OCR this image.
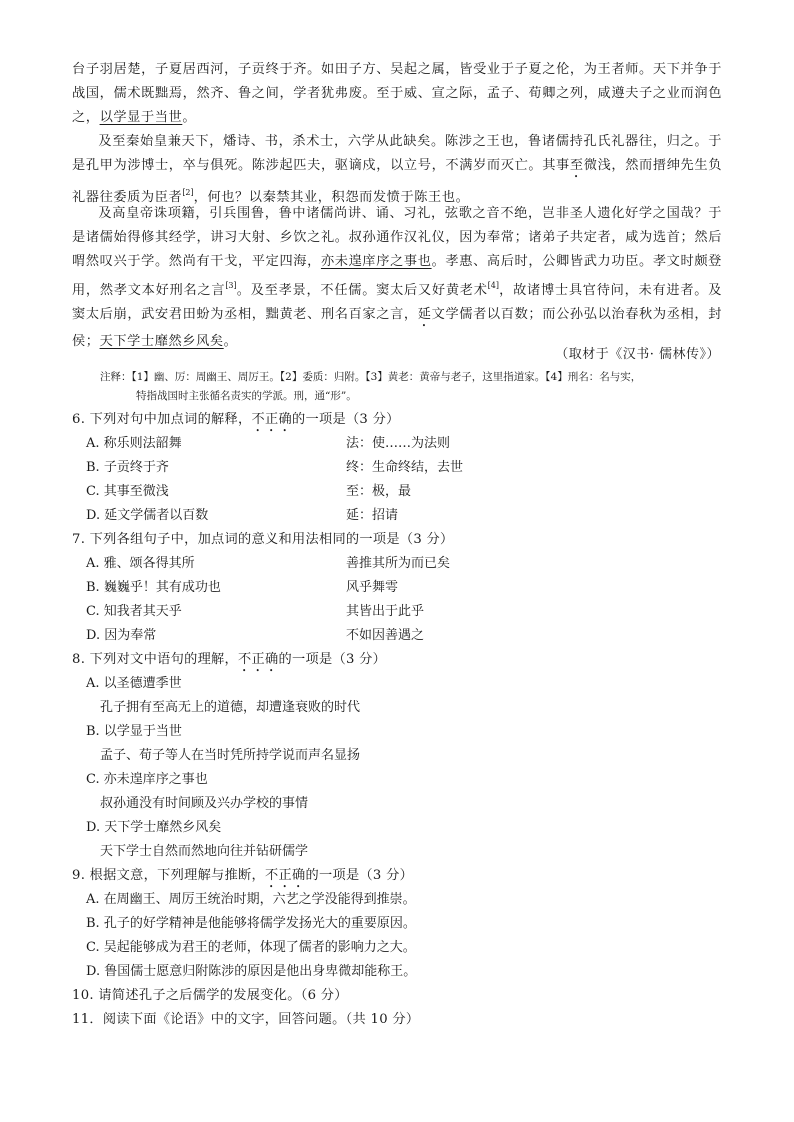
台子羽居楚，子夏居西河，子贡终于齐。如田子方、吴起之属，皆受业于子夏之伦，为王者师。天下并争于战国，儒术既黜焉，然齐、鲁之间，学者犹弗废。至于威、宣之际，孟子、荀卿之列，咸遵夫子之业而润色之，以学显于当世。
及至秦始皇兼天下，燔诗、书，杀术士，六学从此缺矣。陈涉之王也，鲁诸儒持孔氏礼器往，归之。于是孔甲为涉博士，卒与俱死。陈涉起匹夫，驱谪戍，以立号，不满岁而灭亡。其事至微浅，然而搢绅先生负礼器往委质为臣者[2]，何也？以秦禁其业，积怨而发愤于陈王也。
及高皇帝诛项籍，引兵围鲁，鲁中诸儒尚讲、诵、习礼，弦歌之音不绝，岂非圣人遗化好学之国哉？于是诸儒始得修其经学，讲习大射、乡饮之礼。叔孙通作汉礼仪，因为奉常；诸弟子共定者，咸为选首；然后喟然叹兴于学。然尚有干戈，平定四海，亦未遑庠序之事也。孝惠、高后时，公卿皆武力功臣。孝文时颇登用，然孝文本好刑名之言[3]。及至孝景，不任儒。窦太后又好黄老术[4]，故诸博士具官待问，未有进者。及窦太后崩，武安君田蚡为丞相，黜黄老、刑名百家之言，延文学儒者以百数；而公孙弘以治春秋为丞相，封侯；天下学士靡然乡风矣。
（取材于《汉书· 儒林传》）
注释：【1】幽、厉：周幽王、周厉王。【2】委质：归附。【3】黄老：黄帝与老子，这里指道家。【4】刑名：名与实，
特指战国时主张循名责实的学派。刑，通“形”。
6. 下列对句中加点词的解释，不正确的一项是（3 分）
A. 称乐则法韶舞	法：使……为法则
B. 子贡终于齐	终：生命终结，去世
C. 其事至微浅	至：极，最
D. 延文学儒者以百数	延：招请
7. 下列各组句子中，加点词的意义和用法相同的一项是（3 分）
A. 雅、颂各得其所	善推其所为而已矣
B. 巍巍乎！其有成功也	风乎舞雩
C. 知我者其天乎	其皆出于此乎
D. 因为奉常	不如因善遇之
8. 下列对文中语句的理解，不正确的一项是（3 分）
A. 以圣德遭季世
孔子拥有至高无上的道德，却遭逢衰败的时代
B. 以学显于当世
孟子、荀子等人在当时凭所持学说而声名显扬
C. 亦未遑庠序之事也
叔孙通没有时间顾及兴办学校的事情
D. 天下学士靡然乡风矣
天下学士自然而然地向往并钻研儒学
9. 根据文意，下列理解与推断，不正确的一项是（3 分）
A. 在周幽王、周厉王统治时期，六艺之学没能得到推崇。
B. 孔子的好学精神是他能够将儒学发扬光大的重要原因。
C. 吴起能够成为君王的老师，体现了儒者的影响力之大。
D. 鲁国儒士愿意归附陈涉的原因是他出身卑微却能称王。
10. 请简述孔子之后儒学的发展变化。（6 分）
11．阅读下面《论语》中的文字，回答问题。（共 10 分）
